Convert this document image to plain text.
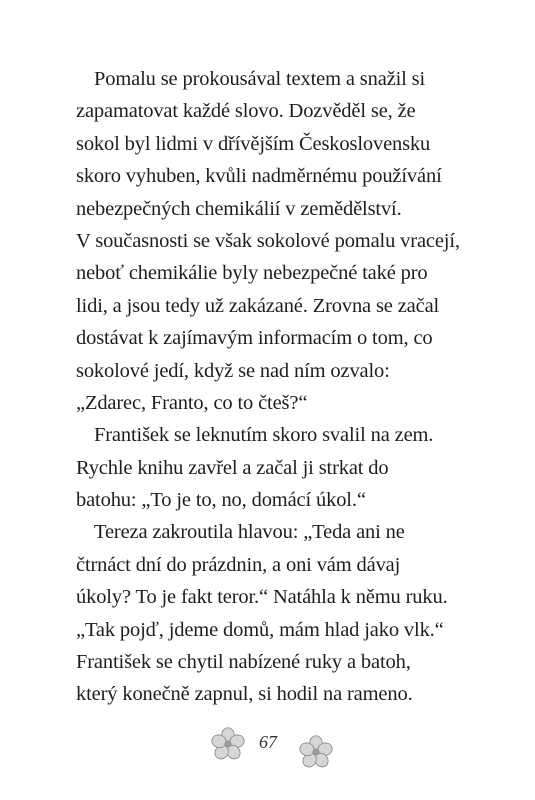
Pomalu se prokousával textem a snažil si
zapamatovat každé slovo. Dozvěděl se, že
sokol byl lidmi v dřívějším Československu
skoro vyhuben, kvůli nadměrnému používání
nebezpečných chemikálií v zemědělství.
V současnosti se však sokolové pomalu vracejí,
neboť chemikálie byly nebezpečné také pro
lidi, a jsou tedy už zakázané. Zrovna se začal
dostávat k zajímavým informacím o tom, co
sokolové jedí, když se nad ním ozvalo:
„Zdarec, Franto, co to čteš?“
František se leknutím skoro svalil na zem.
Rychle knihu zavřel a začal ji strkat do
batohu: „To je to, no, domácí úkol.“
Tereza zakroutila hlavou: „Teda ani ne
čtrnáct dní do prázdnin, a oni vám dávaj
úkoly? To je fakt teror.“ Natáhla k němu ruku.
„Tak pojď, jdeme domů, mám hlad jako vlk.“
František se chytil nabízené ruky a batoh,
který konečně zapnul, si hodil na rameno.
67
